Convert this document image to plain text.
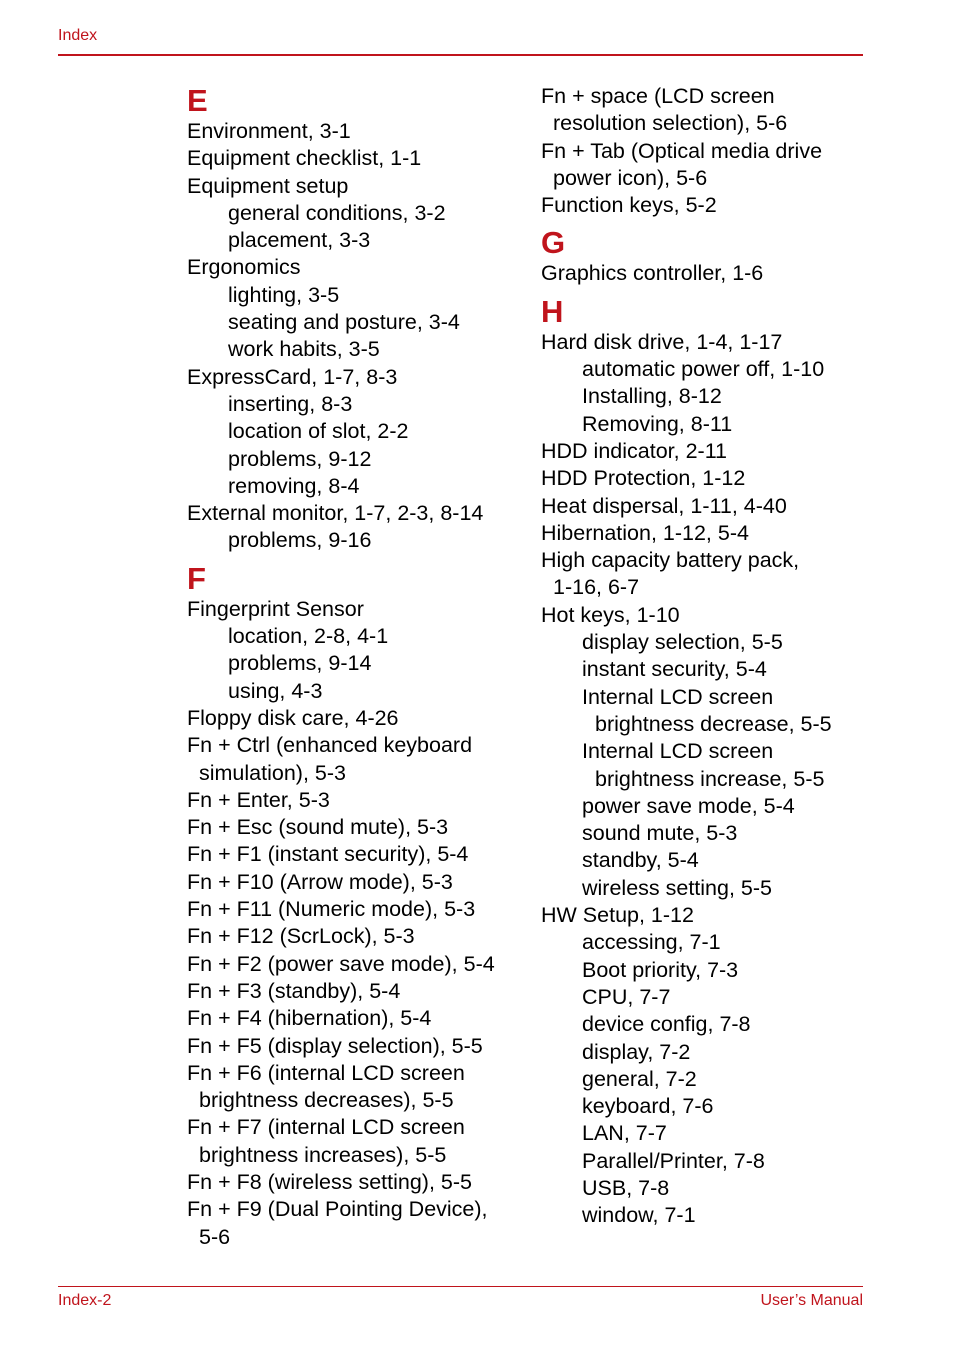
Index
E
Environment, 3-1
Equipment checklist, 1-1
Equipment setup
general conditions, 3-2
placement, 3-3
Ergonomics
lighting, 3-5
seating and posture, 3-4
work habits, 3-5
ExpressCard, 1-7, 8-3
inserting, 8-3
location of slot, 2-2
problems, 9-12
removing, 8-4
External monitor, 1-7, 2-3, 8-14
problems, 9-16
F
Fingerprint Sensor
location, 2-8, 4-1
problems, 9-14
using, 4-3
Floppy disk care, 4-26
Fn + Ctrl (enhanced keyboard
simulation), 5-3
Fn + Enter, 5-3
Fn + Esc (sound mute), 5-3
Fn + F1 (instant security), 5-4
Fn + F10 (Arrow mode), 5-3
Fn + F11 (Numeric mode), 5-3
Fn + F12 (ScrLock), 5-3
Fn + F2 (power save mode), 5-4
Fn + F3 (standby), 5-4
Fn + F4 (hibernation), 5-4
Fn + F5 (display selection), 5-5
Fn + F6 (internal LCD screen
brightness decreases), 5-5
Fn + F7 (internal LCD screen
brightness increases), 5-5
Fn + F8 (wireless setting), 5-5
Fn + F9 (Dual Pointing Device),
5-6
Fn + space (LCD screen
resolution selection), 5-6
Fn + Tab (Optical media drive
power icon), 5-6
Function keys, 5-2
G
Graphics controller, 1-6
H
Hard disk drive, 1-4, 1-17
automatic power off, 1-10
Installing, 8-12
Removing, 8-11
HDD indicator, 2-11
HDD Protection, 1-12
Heat dispersal, 1-11, 4-40
Hibernation, 1-12, 5-4
High capacity battery pack,
1-16, 6-7
Hot keys, 1-10
display selection, 5-5
instant security, 5-4
Internal LCD screen
brightness decrease, 5-5
Internal LCD screen
brightness increase, 5-5
power save mode, 5-4
sound mute, 5-3
standby, 5-4
wireless setting, 5-5
HW Setup, 1-12
accessing, 7-1
Boot priority, 7-3
CPU, 7-7
device config, 7-8
display, 7-2
general, 7-2
keyboard, 7-6
LAN, 7-7
Parallel/Printer, 7-8
USB, 7-8
window, 7-1
Index-2	User’s Manual
